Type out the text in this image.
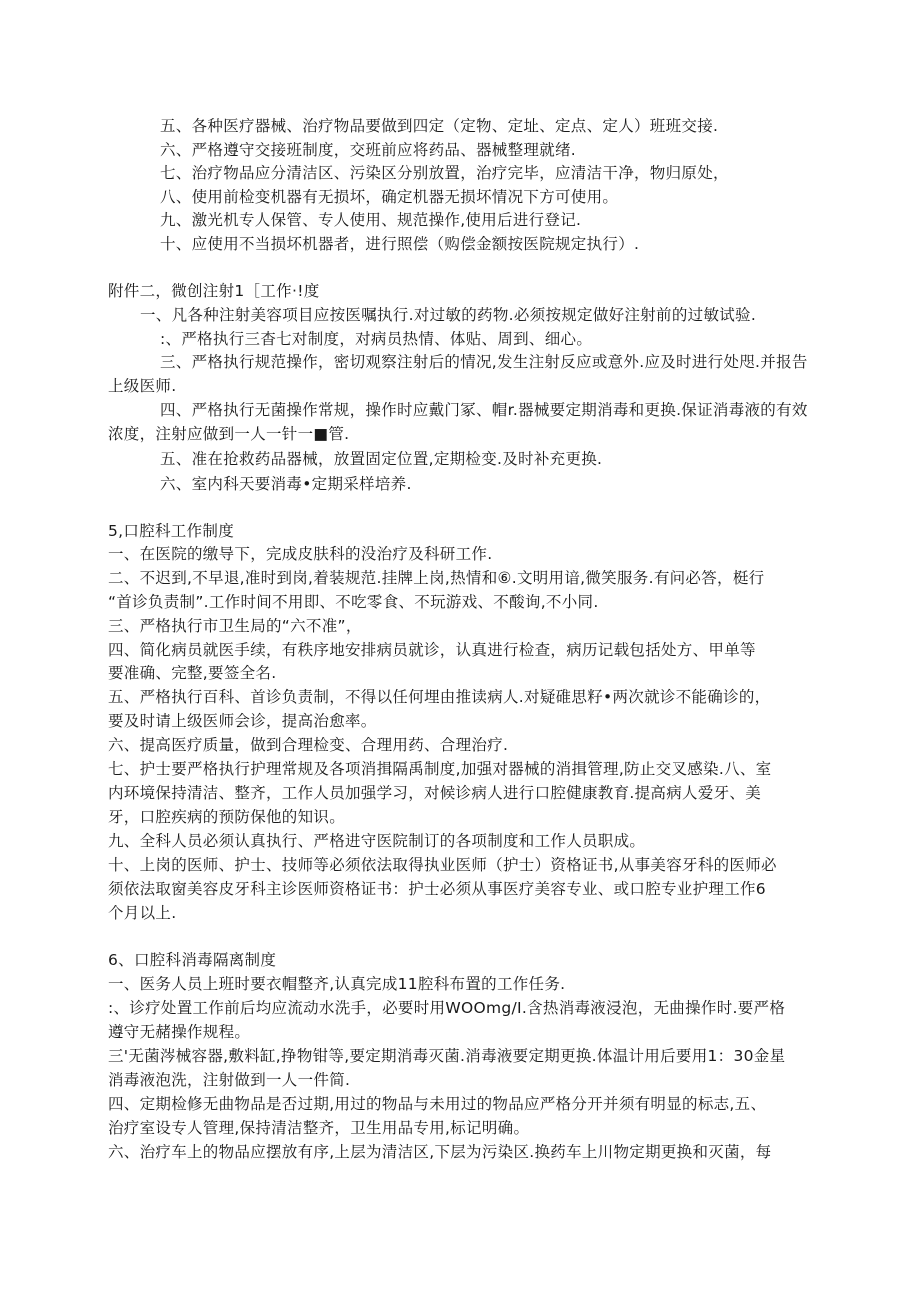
五、各种医疗器械、治疗物品要做到四定（定物、定址、定点、定人）班班交接.
六、严格遵守交接班制度，交班前应将药品、器械整理就绪.
七、治疗物品应分清洁区、污染区分别放置，治疗完毕，应清洁干净，物归原处，
八、使用前检变机器有无损坏，确定机器无损坏情况下方可使用。
九、激光机专人保管、专人使用、规范操作,使用后进行登记.
十、应使用不当损坏机器者，进行照偿（购偿金额按医院规定执行）.
附件二，微创注射1［工作·!度
一、凡各种注射美容项目应按医嘱执行.对过敏的药物.必须按规定做好注射前的过敏试验.
:、严格执行三杳七对制度，对病员热情、体贴、周到、细心。
三、严格执行规范操作，密切观察注射后的情况,发生注射反应或意外.应及时进行处咫.并报告
上级医师.
四、严格执行无菌操作常规，操作时应戴门冢、帽r.器械要定期消毒和更换.保证消毒液的有效
浓度，注射应做到一人一针一■管.
五、准在抢救药品器械，放置固定位置,定期检变.及时补充更换.
六、室内科天要消毒•定期采样培养.
5,口腔科工作制度
一、在医院的缴导下，完成皮肤科的没治疗及科研工作.
二、不迟到,不早退,准时到岗,着装规范.挂牌上岗,热情和⑥.文明用谙,微笑服务.有问必答，梃行
“首诊负责制”.工作时间不用即、不吃零食、不玩游戏、不酸询,不小同.
三、严格执行市卫生局的“六不准”，
四、简化病员就医手续，有秩序地安排病员就诊，认真进行检查，病历记载包括处方、甲单等
要准确、完整,要签全名.
五、严格执行百科、首诊负责制，不得以任何埋由推读病人.对疑碓思籽•两次就诊不能确诊的，
要及时请上级医师会诊，提高治愈率。
六、提高医疗质量，做到合理检变、合理用药、合理治疗.
七、护士要严格执行护理常规及各项消揖隔禹制度,加强对器械的消揖管理,防止交叉感染.八、室
内环境保持清洁、整齐，工作人员加强学习，对候诊病人进行口腔健康教育.提高病人爱牙、美
牙，口腔疾病的预防保他的知识。
九、全科人员必须认真执行、严格进守医院制订的各项制度和工作人员职成。
十、上岗的医师、护士、技师等必须依法取得执业医师（护士）资格证书,从事美容牙科的医师必
须依法取窗美容皮牙科主诊医师资格证书：护士必须从事医疗美容专业、或口腔专业护理工作6
个月以上.
6、口腔科消毒隔离制度
一、医务人员上班时要衣帽整齐,认真完成11腔科布置的工作任务.
:、诊疗处置工作前后均应流动水洗手，必要时用WOOmg/I.含热消毒液浸泡，无曲操作时.要严格
遵守无赭操作规程。
三'无菌涔械容器,敷料缸,挣物钳等,要定期消毒灭菌.消毒液要定期更换.体温计用后要用1：30金星
消毒液泡洗，注射做到一人一件简.
四、定期检修无曲物品是否过期,用过的物品与未用过的物品应严格分开并须有明显的标志,五、
治疗室设专人管理,保持清洁整齐，卫生用品专用,标记明确。
六、治疗车上的物品应摆放有序,上层为清洁区,下层为污染区.换药车上川物定期更换和灭菌，每
